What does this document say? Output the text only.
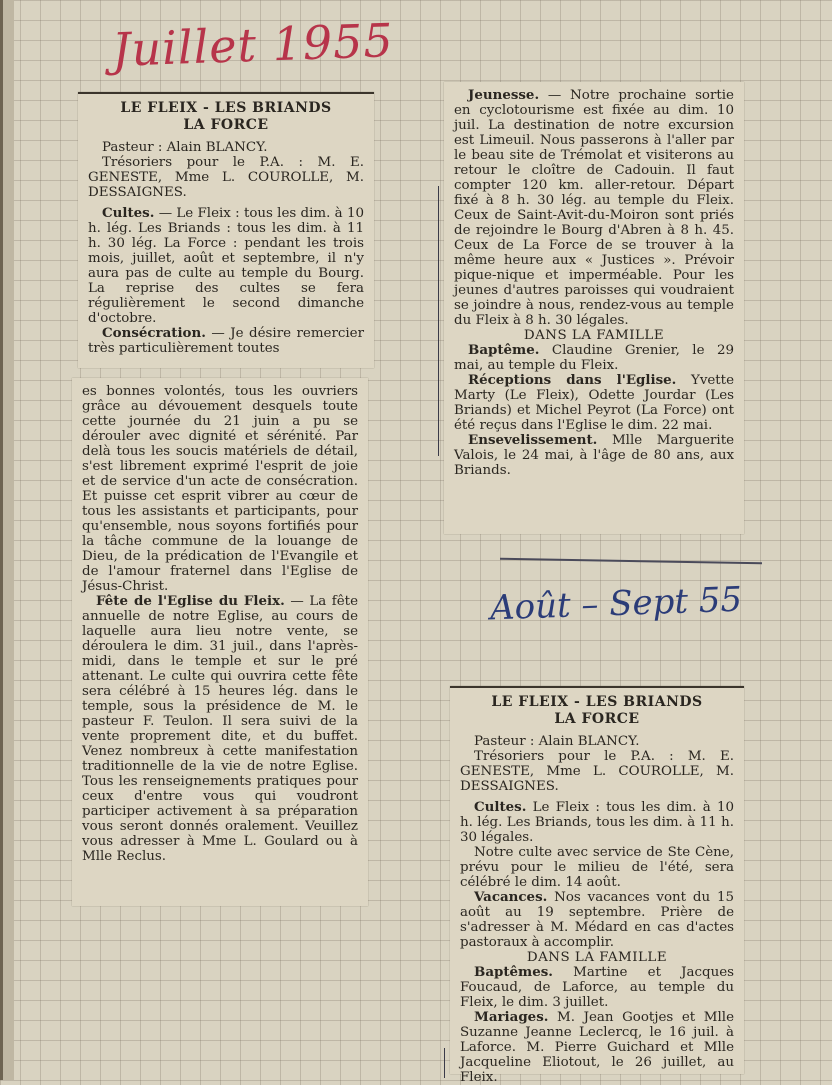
Juillet 1955

LE FLEIX - LES BRIANDS

LA FORCE

Pasteur : Alain BLANCY.

Trésoriers pour le P.A. : M. E. GENESTE, Mme L. COUROLLE, M. DESSAIGNES.

Cultes. — Le Fleix : tous les dim. à 10 h. lég. Les Briands : tous les dim. à 11 h. 30 lég. La Force : pendant les trois mois, juillet, août et septembre, il n'y aura pas de culte au temple du Bourg. La reprise des cultes se fera régulièrement le second dimanche d'octobre.

Consécration. — Je désire remercier très particulièrement toutes

es bonnes volontés, tous les ouvriers grâce au dévouement desquels toute cette journée du 21 juin a pu se dérouler avec dignité et sérénité. Par delà tous les soucis matériels de détail, s'est librement exprimé l'esprit de joie et de service d'un acte de consécration. Et puisse cet esprit vibrer au cœur de tous les assistants et participants, pour qu'ensemble, nous soyons fortifiés pour la tâche commune de la louange de Dieu, de la prédication de l'Evangile et de l'amour fraternel dans l'Eglise de Jésus-Christ.

Fête de l'Eglise du Fleix. — La fête annuelle de notre Eglise, au cours de laquelle aura lieu notre vente, se déroulera le dim. 31 juil., dans l'après-midi, dans le temple et sur le pré attenant. Le culte qui ouvrira cette fête sera célébré à 15 heures lég. dans le temple, sous la présidence de M. le pasteur F. Teulon. Il sera suivi de la vente proprement dite, et du buffet. Venez nombreux à cette manifestation traditionnelle de la vie de notre Eglise. Tous les renseignements pratiques pour ceux d'entre vous qui voudront participer activement à sa préparation vous seront donnés oralement. Veuillez vous adresser à Mme L. Goulard ou à Mlle Reclus.

Jeunesse. — Notre prochaine sortie en cyclotourisme est fixée au dim. 10 juil. La destination de notre excursion est Limeuil. Nous passerons à l'aller par le beau site de Trémolat et visiterons au retour le cloître de Cadouin. Il faut compter 120 km. aller-retour. Départ fixé à 8 h. 30 lég. au temple du Fleix. Ceux de Saint-Avit-du-Moiron sont priés de rejoindre le Bourg d'Abren à 8 h. 45. Ceux de La Force de se trouver à la même heure aux « Justices ». Prévoir pique-nique et imperméable. Pour les jeunes d'autres paroisses qui voudraient se joindre à nous, rendez-vous au temple du Fleix à 8 h. 30 légales.

DANS LA FAMILLE

Baptême. Claudine Grenier, le 29 mai, au temple du Fleix.

Réceptions dans l'Eglise. Yvette Marty (Le Fleix), Odette Jourdar (Les Briands) et Michel Peyrot (La Force) ont été reçus dans l'Eglise le dim. 22 mai.

Ensevelissement. Mlle Marguerite Valois, le 24 mai, à l'âge de 80 ans, aux Briands.

Août – Sept 55

LE FLEIX - LES BRIANDS

LA FORCE

Pasteur : Alain BLANCY.

Trésoriers pour le P.A. : M. E. GENESTE, Mme L. COUROLLE, M. DESSAIGNES.

Cultes. Le Fleix : tous les dim. à 10 h. lég. Les Briands, tous les dim. à 11 h. 30 légales.

Notre culte avec service de Ste Cène, prévu pour le milieu de l'été, sera célébré le dim. 14 août.

Vacances. Nos vacances vont du 15 août au 19 septembre. Prière de s'adresser à M. Médard en cas d'actes pastoraux à accomplir.

DANS LA FAMILLE

Baptêmes. Martine et Jacques Foucaud, de Laforce, au temple du Fleix, le dim. 3 juillet.

Mariages. M. Jean Gootjes et Mlle Suzanne Jeanne Leclercq, le 16 juil. à Laforce. M. Pierre Guichard et Mlle Jacqueline Eliotout, le 26 juillet, au Fleix.
